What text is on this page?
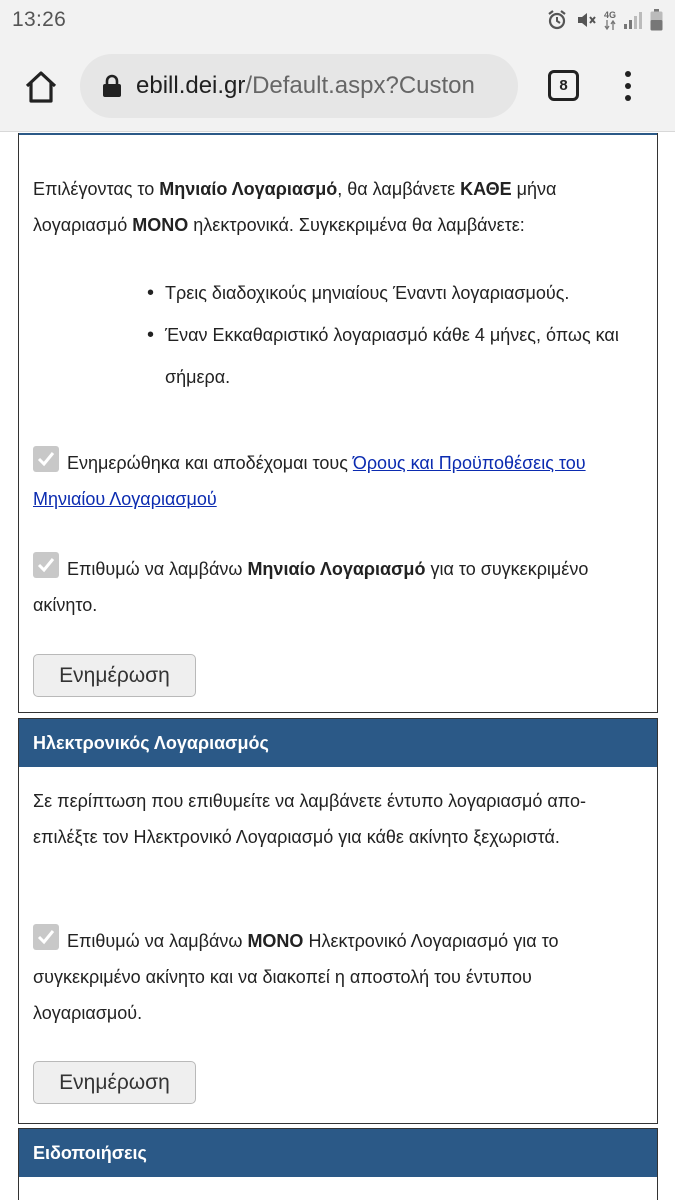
13:26	4G
ebill.dei.gr/Default.aspx?Custon	8

Επιλέγοντας το Μηνιαίο Λογαριασμό, θα λαμβάνετε ΚΑΘΕ μήνα λογαριασμό ΜΟΝΟ ηλεκτρονικά. Συγκεκριμένα θα λαμβάνετε:

• Τρεις διαδοχικούς μηνιαίους Έναντι λογαριασμούς.
• Έναν Εκκαθαριστικό λογαριασμό κάθε 4 μήνες, όπως και σήμερα.
Ενημερώθηκα και αποδέχομαι τους Όρους και Προϋποθέσεις του Μηνιαίου Λογαριασμού
Επιθυμώ να λαμβάνω Μηνιαίο Λογαριασμό για το συγκεκριμένο ακίνητο.
Ενημέρωση
Ηλεκτρονικός Λογαριασμός

Σε περίπτωση που επιθυμείτε να λαμβάνετε έντυπο λογαριασμό απο-επιλέξτε τον Ηλεκτρονικό Λογαριασμό για κάθε ακίνητο ξεχωριστά.

Επιθυμώ να λαμβάνω ΜΟΝΟ Ηλεκτρονικό Λογαριασμό για το συγκεκριμένο ακίνητο και να διακοπεί η αποστολή του έντυπου λογαριασμού.
Ενημέρωση
Ειδοποιήσεις
